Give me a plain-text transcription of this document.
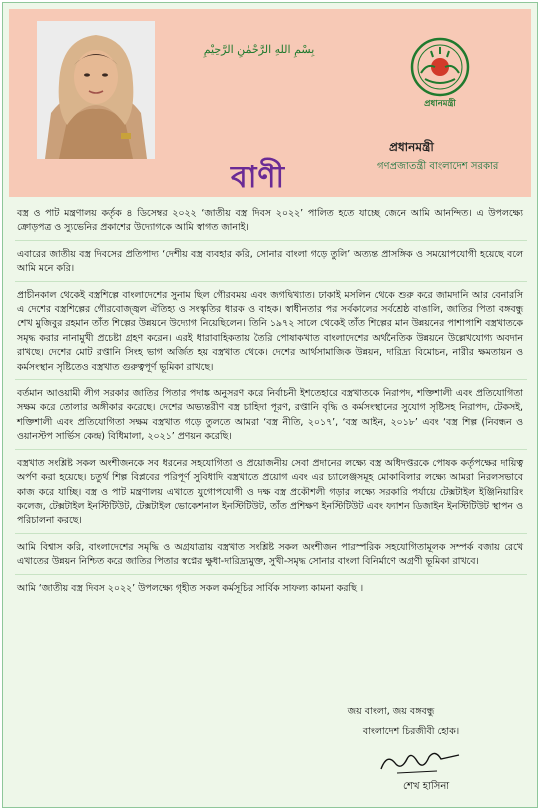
بِسْمِ اللهِ الرَّحْمٰنِ الرَّحِيْمِ
প্রধানমন্ত্রী
প্রধানমন্ত্রী
গণপ্রজাতন্ত্রী বাংলাদেশ সরকার
বাণী

বস্ত্র ও পাট মন্ত্রণালয় কর্তৃক ৪ ডিসেম্বর ২০২২ ‘জাতীয় বস্ত্র দিবস ২০২২’ পালিত হতে যাচ্ছে জেনে আমি আনন্দিত। এ উপলক্ষ্যে ক্রোড়পত্র ও স্যুভেনির প্রকাশের উদ্যোগকে আমি স্বাগত জানাই।

এবারের জাতীয় বস্ত্র দিবসের প্রতিপাদ্য ‘দেশীয় বস্ত্র ব্যবহার করি, সোনার বাংলা গড়ে তুলি’ অত্যন্ত প্রাসঙ্গিক ও সময়োপযোগী হয়েছে বলে আমি মনে করি।

প্রাচীনকাল থেকেই বস্ত্রশিল্পে বাংলাদেশের সুনাম ছিল গৌরবময় এবং জগদ্বিখ্যাত। ঢাকাই মসলিন থেকে শুরু করে জামদানি আর বেনারসি এ দেশের বস্ত্রশিল্পের গৌরবোজ্জ্বল ঐতিহ্য ও সংস্কৃতির ধারক ও বাহক। স্বাধীনতার পর সর্বকালের সর্বশ্রেষ্ঠ বাঙালি, জাতির পিতা বঙ্গবন্ধু শেখ মুজিবুর রহমান তাঁত শিল্পের উন্নয়নে উদ্যোগ নিয়েছিলেন। তিনি ১৯৭২ সালে থেকেই তাঁত শিল্পের মান উন্নয়নের পাশাপাশি বস্ত্রখাতকে সমৃদ্ধ করার নানামুখী প্রচেষ্টা গ্রহণ করেন। এরই ধারাবাহিকতায় তৈরি পোষাকখাত বাংলাদেশের অর্থনৈতিক উন্নয়নে উল্লেখযোগ্য অবদান রাখছে। দেশের মোট রপ্তানি সিংহ ভাগ অর্জিত হয় বস্ত্রখাত থেকে। দেশের আর্থসামাজিক উন্নয়ন, দারিদ্র্য বিমোচন, নারীর ক্ষমতায়ন ও কর্মসংস্থান সৃষ্টিতেও বস্ত্রখাত গুরুত্বপূর্ণ ভূমিকা রাখছে।

বর্তমান আওয়ামী লীগ সরকার জাতির পিতার পদাঙ্ক অনুসরণ করে নির্বাচনী ইশতেহারে বস্ত্রখাতকে নিরাপদ, শক্তিশালী এবং প্রতিযোগিতা সক্ষম করে তোলার অঙ্গীকার করেছে। দেশের অভ্যন্তরীণ বস্ত্র চাহিদা পূরণ, রপ্তানি বৃদ্ধি ও কর্মসংস্থানের সুযোগ সৃষ্টিসহ নিরাপদ, টেকসই, শক্তিশালী এবং প্রতিযোগিতা সক্ষম বস্ত্রখাত গড়ে তুলতে আমরা ‘বস্ত্র নীতি, ২০১৭’, ‘বস্ত্র আইন, ২০১৮’ এবং ‘বস্ত্র শিল্প (নিবন্ধন ও ওয়ানস্টপ সার্ভিস কেন্দ্র) বিধিমালা, ২০২১’ প্রণয়ন করেছি।

বস্ত্রখাত সংশ্লিষ্ট সকল অংশীজনকে সব ধরনের সহযোগিতা ও প্রয়োজনীয় সেবা প্রদানের লক্ষ্যে বস্ত্র অধিদপ্তরকে পোষক কর্তৃপক্ষের দায়িত্ব অর্পণ করা হয়েছে। চতুর্থ শিল্প বিপ্লবের পরিপূর্ণ সুবিধাদি বস্ত্রখাতে প্রয়োগ এবং এর চ্যালেঞ্জসমূহ মোকাবিলার লক্ষ্যে আমরা নিরলসভাবে কাজ করে যাচ্ছি। বস্ত্র ও পাট মন্ত্রণালয় এখাতে যুগোপযোগী ও দক্ষ বস্ত্র প্রকৌশলী গড়ার লক্ষ্যে সরকারি পর্যায়ে টেক্সটাইল ইঞ্জিনিয়ারিং কলেজ, টেক্সটাইল ইনস্টিটিউট, টেক্সটাইল ভোকেশনাল ইনস্টিটিউট, তাঁত প্রশিক্ষণ ইনস্টিটিউট এবং ফ্যাশন ডিজাইন ইনস্টিটিউট স্থাপন ও পরিচালনা করছে।

আমি বিশ্বাস করি, বাংলাদেশের সমৃদ্ধি ও অগ্রযাত্রায় বস্ত্রখাত সংশ্লিষ্ট সকল অংশীজন পারস্পরিক সহযোগিতামূলক সম্পর্ক বজায় রেখে এখাতের উন্নয়ন নিশ্চিত করে জাতির পিতার স্বপ্নের ক্ষুধা-দারিদ্র্যমুক্ত, সুখী-সমৃদ্ধ সোনার বাংলা বিনির্মাণে অগ্রণী ভূমিকা রাখবে।

আমি ‘জাতীয় বস্ত্র দিবস ২০২২’ উপলক্ষ্যে গৃহীত সকল কর্মসূচির সার্বিক সাফল্য কামনা করছি ।

জয় বাংলা, জয় বঙ্গবন্ধু
বাংলাদেশ চিরজীবী হোক।
শেখ হাসিনা
